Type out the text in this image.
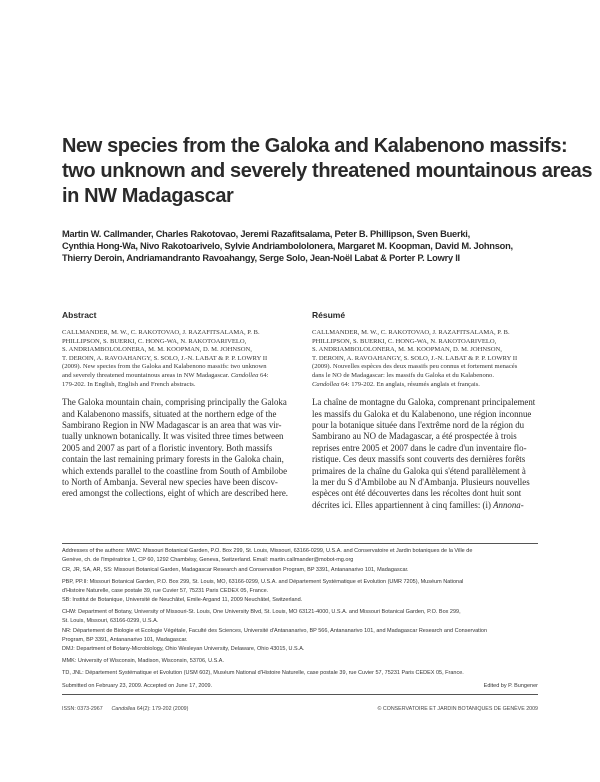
New species from the Galoka and Kalabenono massifs:
two unknown and severely threatened mountainous areas
in NW Madagascar
Martin W. Callmander, Charles Rakotovao, Jeremi Razafitsalama, Peter B. Phillipson, Sven Buerki,
Cynthia Hong-Wa, Nivo Rakotoarivelo, Sylvie Andriambololonera, Margaret M. Koopman, David M. Johnson,
Thierry Deroin, Andriamandranto Ravoahangy, Serge Solo, Jean-Noël Labat & Porter P. Lowry II
Abstract
CALLMANDER, M. W., C. RAKOTOVAO, J. RAZAFITSALAMA, P. B.
PHILLIPSON, S. BUERKI, C. HONG-WA, N. RAKOTOARIVELO,
S. ANDRIAMBOLOLONERA, M. M. KOOPMAN, D. M. JOHNSON,
T. DEROIN, A. RAVOAHANGY, S. SOLO, J.-N. LABAT & P. P. LOWRY II
(2009). New species from the Galoka and Kalabenono massifs: two unknown
and severely threatened mountainous areas in NW Madagascar. Candollea 64:
179-202. In English, English and French abstracts.
The Galoka mountain chain, comprising principally the Galoka
and Kalabenono massifs, situated at the northern edge of the
Sambirano Region in NW Madagascar is an area that was vir-
tually unknown botanically. It was visited three times between
2005 and 2007 as part of a floristic inventory. Both massifs
contain the last remaining primary forests in the Galoka chain,
which extends parallel to the coastline from South of Ambilobe
to North of Ambanja. Several new species have been discov-
ered amongst the collections, eight of which are described here.
Résumé
CALLMANDER, M. W., C. RAKOTOVAO, J. RAZAFITSALAMA, P. B.
PHILLIPSON, S. BUERKI, C. HONG-WA, N. RAKOTOARIVELO,
S. ANDRIAMBOLOLONERA, M. M. KOOPMAN, D. M. JOHNSON,
T. DEROIN, A. RAVOAHANGY, S. SOLO, J.-N. LABAT & P. P. LOWRY II
(2009). Nouvelles espèces des deux massifs peu connus et fortement menacés
dans le NO de Madagascar: les massifs du Galoka et du Kalabenono.
Candollea 64: 179-202. En anglais, résumés anglais et français.
La chaîne de montagne du Galoka, comprenant principalement
les massifs du Galoka et du Kalabenono, une région inconnue
pour la botanique située dans l'extrême nord de la région du
Sambirano au NO de Madagascar, a été prospectée à trois
reprises entre 2005 et 2007 dans le cadre d'un inventaire flo-
ristique. Ces deux massifs sont couverts des dernières forêts
primaires de la chaîne du Galoka qui s'étend parallèlement à
la mer du S d'Ambilobe au N d'Ambanja. Plusieurs nouvelles
espèces ont été découvertes dans les récoltes dont huit sont
décrites ici. Elles appartiennent à cinq familles: (i) Annona-
Addresses of the authors: MWC: Missouri Botanical Garden, P.O. Box 299, St. Louis, Missouri, 63166-0299, U.S.A. and Conservatoire et Jardin botaniques de la Ville de
Genève, ch. de l'Impératrice 1, CP 60, 1292 Chambésy, Geneva, Switzerland. Email: martin.callmander@mobot-mg.org
CR, JR, SA, AR, SS: Missouri Botanical Garden, Madagascar Research and Conservation Program, BP 3391, Antananarivo 101, Madagascar.
PBP, PP.II: Missouri Botanical Garden, P.O. Box 299, St. Louis, MO, 63166-0299, U.S.A. and Département Systématique et Evolution (UMR 7205), Muséum National
d'Histoire Naturelle, case postale 39, rue Cuvier 57, 75231 Paris CEDEX 05, France.
SB: Institut de Botanique, Université de Neuchâtel, Emile-Argand 11, 2009 Neuchâtel, Switzerland.
CHW: Department of Botany, University of Missouri-St. Louis, One University Blvd, St. Louis, MO 63121-4000, U.S.A. and Missouri Botanical Garden, P.O. Box 299,
St. Louis, Missouri, 63166-0299, U.S.A.
NR: Département de Biologie et Ecologie Végétale, Faculté des Sciences, Université d'Antananarivo, BP 566, Antananarivo 101, and Madagascar Research and Conservation
Program, BP 3391, Antananarivo 101, Madagascar.
DMJ: Department of Botany-Microbiology, Ohio Wesleyan University, Delaware, Ohio 43015, U.S.A.
MMK: University of Wisconsin, Madison, Wisconsin, 53706, U.S.A.
TD, JNL: Département Systématique et Evolution (USM 602), Muséum National d'Histoire Naturelle, case postale 39, rue Cuvier 57, 75231 Paris CEDEX 05, France.
Submitted on February 23, 2009. Accepted on June 17, 2009.	Edited by P. Bungener
ISSN: 0373-2967 Candollea 64(2): 179-202 (2009)	© CONSERVATOIRE ET JARDIN BOTANIQUES DE GENÈVE 2009
